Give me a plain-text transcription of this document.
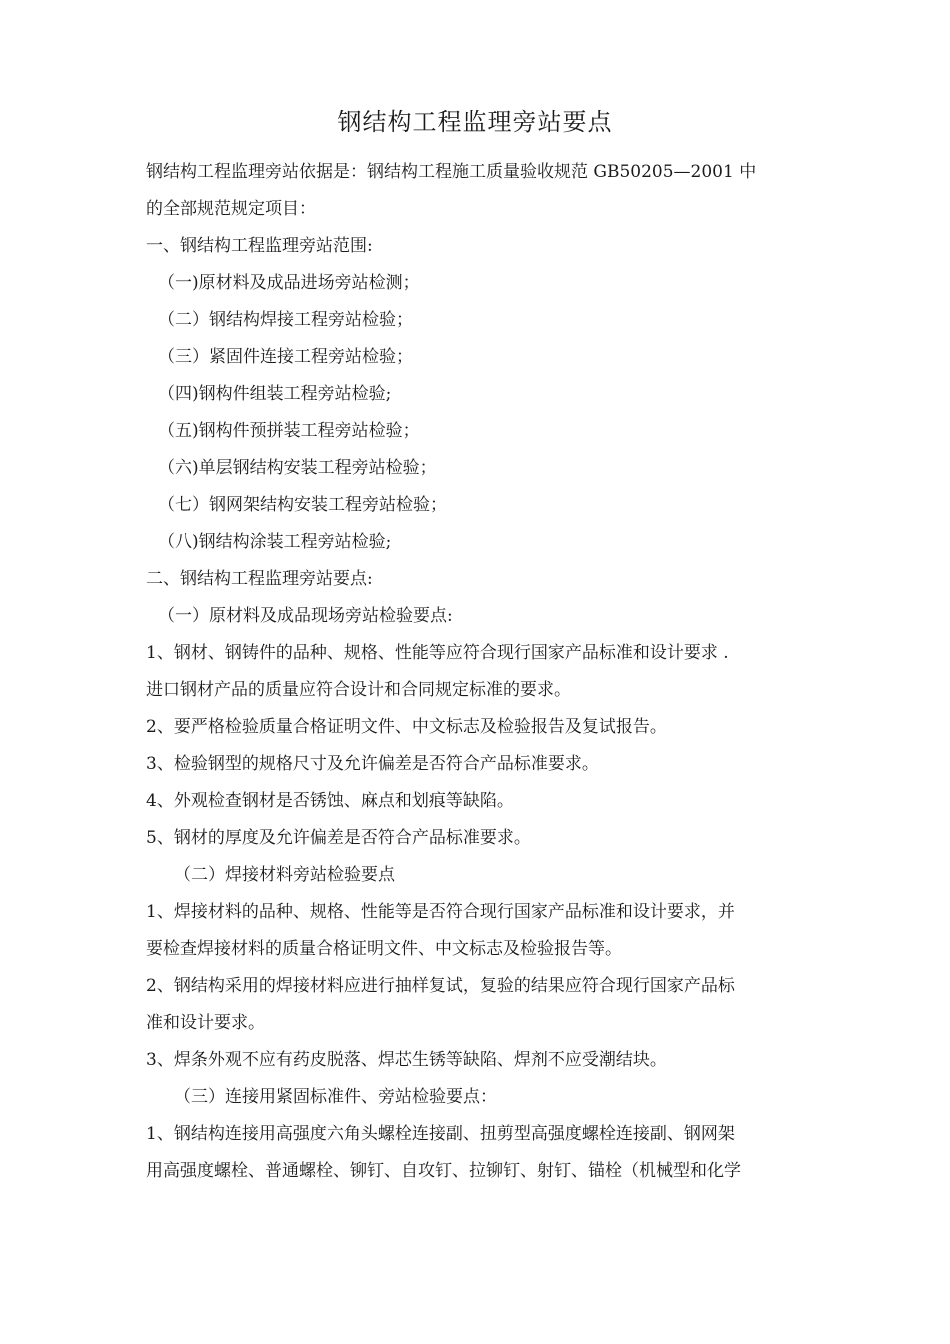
钢结构工程监理旁站要点
钢结构工程监理旁站依据是：钢结构工程施工质量验收规范 GB50205—2001 中
的全部规范规定项目：
一、钢结构工程监理旁站范围:
（一)原材料及成品进场旁站检测；
（二）钢结构焊接工程旁站检验；
（三）紧固件连接工程旁站检验；
（四)钢构件组装工程旁站检验;
（五)钢构件预拼装工程旁站检验；
（六)单层钢结构安装工程旁站检验；
（七）钢网架结构安装工程旁站检验；
（八)钢结构涂装工程旁站检验;
二、钢结构工程监理旁站要点:
（一）原材料及成品现场旁站检验要点:
1、钢材、钢铸件的品种、规格、性能等应符合现行国家产品标准和设计要求 .
进口钢材产品的质量应符合设计和合同规定标准的要求。
2、要严格检验质量合格证明文件、中文标志及检验报告及复试报告。
3、检验钢型的规格尺寸及允许偏差是否符合产品标准要求。
4、外观检查钢材是否锈蚀、麻点和划痕等缺陷。
5、钢材的厚度及允许偏差是否符合产品标准要求。
（二）焊接材料旁站检验要点
1、焊接材料的品种、规格、性能等是否符合现行国家产品标准和设计要求，并
要检查焊接材料的质量合格证明文件、中文标志及检验报告等。
2、钢结构采用的焊接材料应进行抽样复试，复验的结果应符合现行国家产品标
准和设计要求。
3、焊条外观不应有药皮脱落、焊芯生锈等缺陷、焊剂不应受潮结块。
（三）连接用紧固标准件、旁站检验要点：
1、钢结构连接用高强度六角头螺栓连接副、扭剪型高强度螺栓连接副、钢网架
用高强度螺栓、普通螺栓、铆钉、自攻钉、拉铆钉、射钉、锚栓（机械型和化学
